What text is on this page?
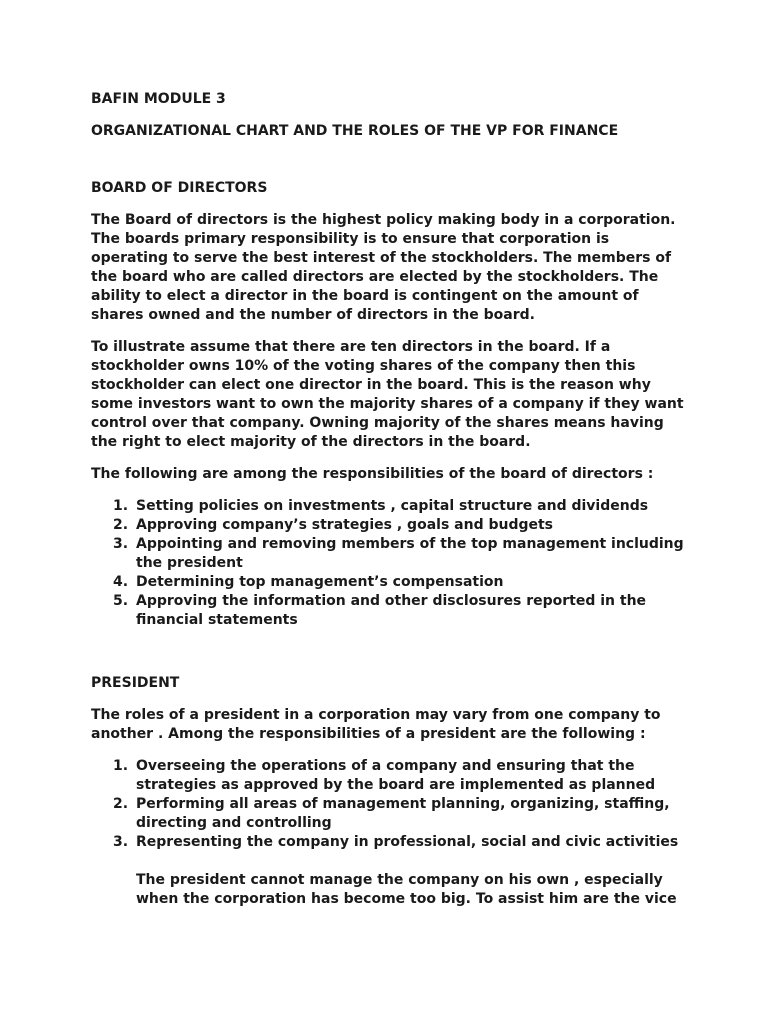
BAFIN MODULE 3

ORGANIZATIONAL CHART AND THE ROLES OF THE VP FOR FINANCE

BOARD OF DIRECTORS

The Board of directors is the highest policy making body in a corporation.

The boards primary responsibility is to ensure that corporation is

operating to serve the best interest of the stockholders. The members of

the board who are called directors are elected by the stockholders. The

ability to elect a director in the board is contingent on the amount of

shares owned and the number of directors in the board.

To illustrate assume that there are ten directors in the board. If a

stockholder owns 10% of the voting shares of the company then this

stockholder can elect one director in the board. This is the reason why

some investors want to own the majority shares of a company if they want

control over that company. Owning majority of the shares means having

the right to elect majority of the directors in the board.

The following are among the responsibilities of the board of directors :

1. Setting policies on investments , capital structure and dividends

2. Approving company’s strategies , goals and budgets

3. Appointing and removing members of the top management including

the president

4. Determining top management’s compensation

5. Approving the information and other disclosures reported in the

financial statements

PRESIDENT

The roles of a president in a corporation may vary from one company to

another . Among the responsibilities of a president are the following :

1. Overseeing the operations of a company and ensuring that the

strategies as approved by the board are implemented as planned

2. Performing all areas of management planning, organizing, staffing,

directing and controlling

3. Representing the company in professional, social and civic activities

The president cannot manage the company on his own , especially

when the corporation has become too big. To assist him are the vice
